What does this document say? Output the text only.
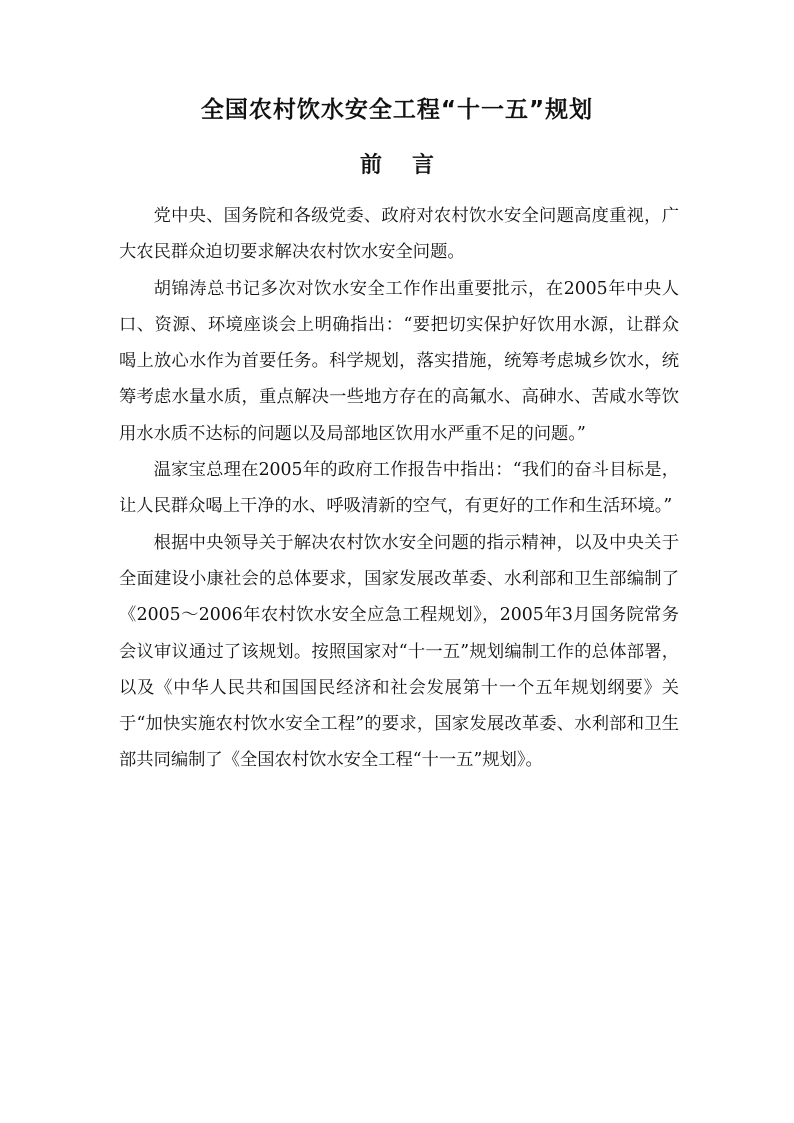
全国农村饮水安全工程“十一五”规划
前 言

党中央、国务院和各级党委、政府对农村饮水安全问题高度重视，广大农民群众迫切要求解决农村饮水安全问题。

胡锦涛总书记多次对饮水安全工作作出重要批示，在2005年中央人口、资源、环境座谈会上明确指出：“要把切实保护好饮用水源，让群众喝上放心水作为首要任务。科学规划，落实措施，统筹考虑城乡饮水，统筹考虑水量水质，重点解决一些地方存在的高氟水、高砷水、苦咸水等饮用水水质不达标的问题以及局部地区饮用水严重不足的问题。”

温家宝总理在2005年的政府工作报告中指出：“我们的奋斗目标是，让人民群众喝上干净的水、呼吸清新的空气，有更好的工作和生活环境。”

根据中央领导关于解决农村饮水安全问题的指示精神，以及中央关于全面建设小康社会的总体要求，国家发展改革委、水利部和卫生部编制了《2005～2006年农村饮水安全应急工程规划》，2005年3月国务院常务会议审议通过了该规划。按照国家对“十一五”规划编制工作的总体部署，以及《中华人民共和国国民经济和社会发展第十一个五年规划纲要》关于“加快实施农村饮水安全工程”的要求，国家发展改革委、水利部和卫生部共同编制了《全国农村饮水安全工程“十一五”规划》。
